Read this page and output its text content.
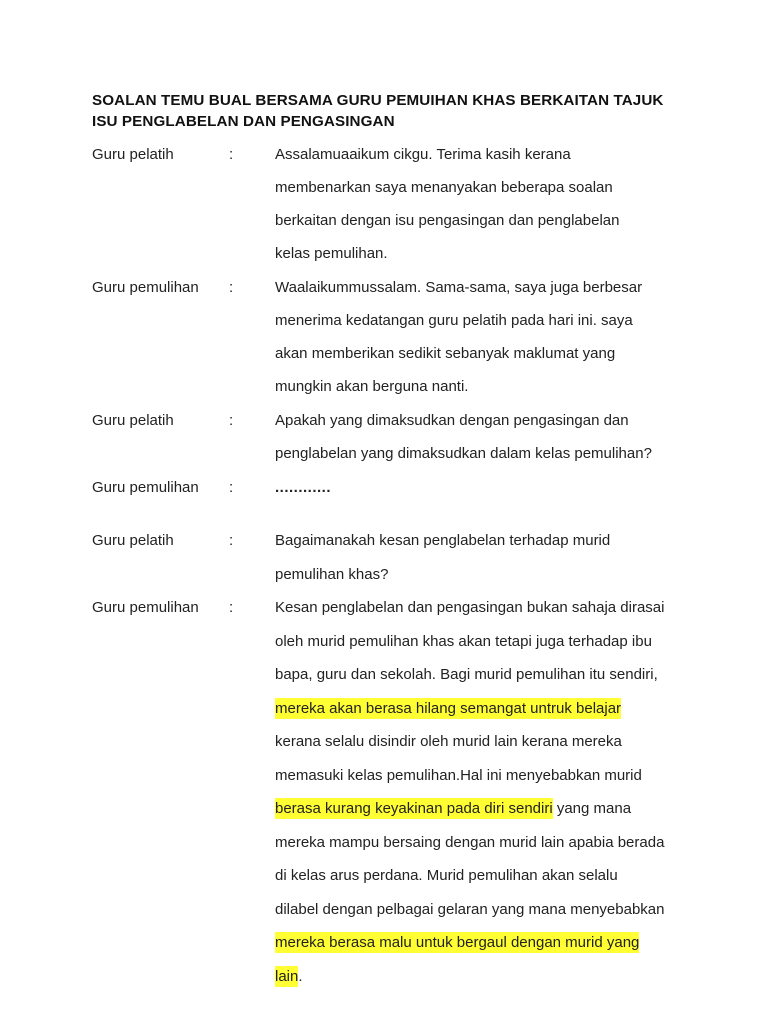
SOALAN TEMU BUAL BERSAMA GURU PEMUIHAN KHAS BERKAITAN TAJUK
ISU PENGLABELAN DAN PENGASINGAN
Guru pelatih	:	Assalamuaaikum cikgu. Terima kasih kerana
membenarkan saya menanyakan beberapa soalan
berkaitan dengan isu pengasingan dan penglabelan
kelas pemulihan.
Guru pemulihan :	Waalaikummussalam. Sama-sama, saya juga berbesar
menerima kedatangan guru pelatih pada hari ini. saya
akan memberikan sedikit sebanyak maklumat yang
mungkin akan berguna nanti.
Guru pelatih	:	Apakah yang dimaksudkan dengan pengasingan dan
penglabelan yang dimaksudkan dalam kelas pemulihan?
Guru pemulihan :	............
Guru pelatih	:	Bagaimanakah kesan penglabelan terhadap murid
pemulihan khas?
Guru pemulihan :	Kesan penglabelan dan pengasingan bukan sahaja dirasai
oleh murid pemulihan khas akan tetapi juga terhadap ibu
bapa, guru dan sekolah. Bagi murid pemulihan itu sendiri,
mereka akan berasa hilang semangat untruk belajar
kerana selalu disindir oleh murid lain kerana mereka
memasuki kelas pemulihan.Hal ini menyebabkan murid
berasa kurang keyakinan pada diri sendiri yang mana
mereka mampu bersaing dengan murid lain apabia berada
di kelas arus perdana. Murid pemulihan akan selalu
dilabel dengan pelbagai gelaran yang mana menyebabkan
mereka berasa malu untuk bergaul dengan murid yang
lain.
